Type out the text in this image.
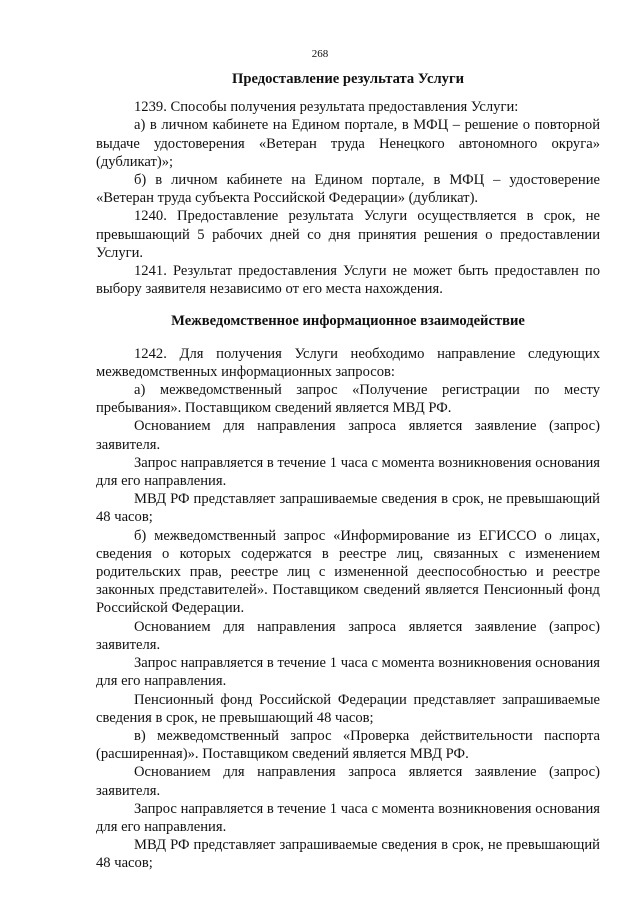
268
Предоставление результата Услуги

1239. Способы получения результата предоставления Услуги:

а) в личном кабинете на Едином портале, в МФЦ – решение о повторной выдаче удостоверения «Ветеран труда Ненецкого автономного округа» (дубликат)»;

б) в личном кабинете на Едином портале, в МФЦ – удостоверение «Ветеран труда субъекта Российской Федерации» (дубликат).

1240. Предоставление результата Услуги осуществляется в срок, не превышающий 5 рабочих дней со дня принятия решения о предоставлении Услуги.

1241. Результат предоставления Услуги не может быть предоставлен по выбору заявителя независимо от его места нахождения.

Межведомственное информационное взаимодействие

1242. Для получения Услуги необходимо направление следующих межведомственных информационных запросов:

а) межведомственный запрос «Получение регистрации по месту пребывания». Поставщиком сведений является МВД РФ.

Основанием для направления запроса является заявление (запрос) заявителя.

Запрос направляется в течение 1 часа с момента возникновения основания для его направления.

МВД РФ представляет запрашиваемые сведения в срок, не превышающий 48 часов;

б) межведомственный запрос «Информирование из ЕГИССО о лицах, сведения о которых содержатся в реестре лиц, связанных с изменением родительских прав, реестре лиц с измененной дееспособностью и реестре законных представителей». Поставщиком сведений является Пенсионный фонд Российской Федерации.

Основанием для направления запроса является заявление (запрос) заявителя.

Запрос направляется в течение 1 часа с момента возникновения основания для его направления.

Пенсионный фонд Российской Федерации представляет запрашиваемые сведения в срок, не превышающий 48 часов;

в) межведомственный запрос «Проверка действительности паспорта (расширенная)». Поставщиком сведений является МВД РФ.

Основанием для направления запроса является заявление (запрос) заявителя.

Запрос направляется в течение 1 часа с момента возникновения основания для его направления.

МВД РФ представляет запрашиваемые сведения в срок, не превышающий 48 часов;
